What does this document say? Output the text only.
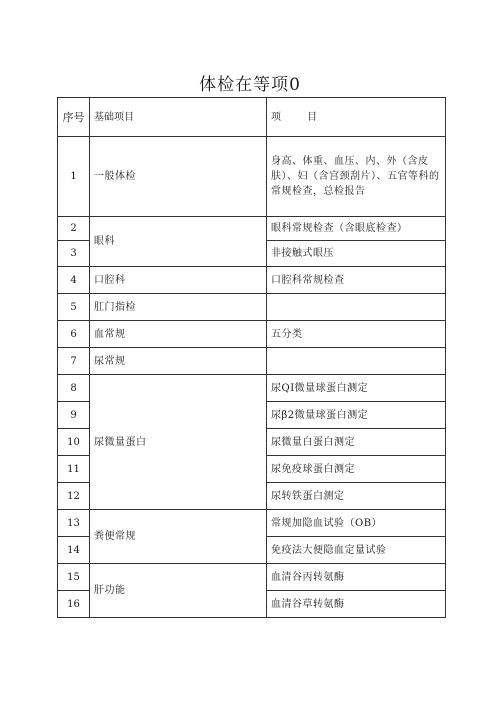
体检在等项0
序号	基础项目	项　　目
1	一般体检	身高、体重、血压、内、外（含皮肤）、妇（含宫颈刮片）、五官等科的常规检查，总检报告
2	眼科	眼科常规检查（含眼底检查）
3		非接触式眼压
4	口腔科	口腔科常规检查
5	肛门指检	
6	血常规	五分类
7	尿常规	
8	尿微量蛋白	尿QI微量球蛋白测定
9		尿β2微量球蛋白测定
10		尿微量白蛋白测定
11		尿免疫球蛋白测定
12		尿转铁蛋白测定
13	粪便常规	常规加隐血试验（OB）
14		免疫法大便隐血定量试验
15	肝功能	血清谷丙转氨酶
16		血清谷草转氨酶
